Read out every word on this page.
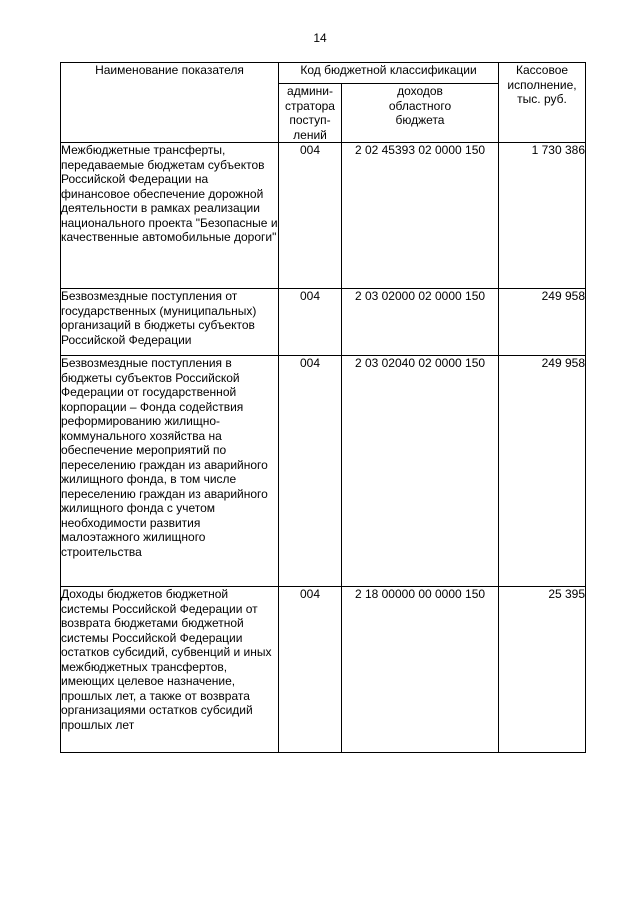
14
Наименование показателя	Код бюджетной классификации		Кассовое
исполнение,
тыс. руб.
	админи-
стратора
поступ-
лений	доходов
областного
бюджета	
Межбюджетные трансферты, передаваемые бюджетам субъектов Российской Федерации на финансовое обеспечение дорожной деятельности в рамках реализации национального проекта "Безопасные и качественные автомобильные дороги"	004	2 02 45393 02 0000 150	1 730 386
Безвозмездные поступления от государственных (муниципальных) организаций в бюджеты субъектов Российской Федерации	004	2 03 02000 02 0000 150	249 958
Безвозмездные поступления в бюджеты субъектов Российской Федерации от государственной корпорации – Фонда содействия реформированию жилищно-коммунального хозяйства на обеспечение мероприятий по переселению граждан из аварийного жилищного фонда, в том числе переселению граждан из аварийного жилищного фонда с учетом необходимости развития малоэтажного жилищного строительства	004	2 03 02040 02 0000 150	249 958
Доходы бюджетов бюджетной системы Российской Федерации от возврата бюджетами бюджетной системы Российской Федерации остатков субсидий, субвенций и иных межбюджетных трансфертов, имеющих целевое назначение, прошлых лет, а также от возврата организациями остатков субсидий прошлых лет	004	2 18 00000 00 0000 150	25 395
